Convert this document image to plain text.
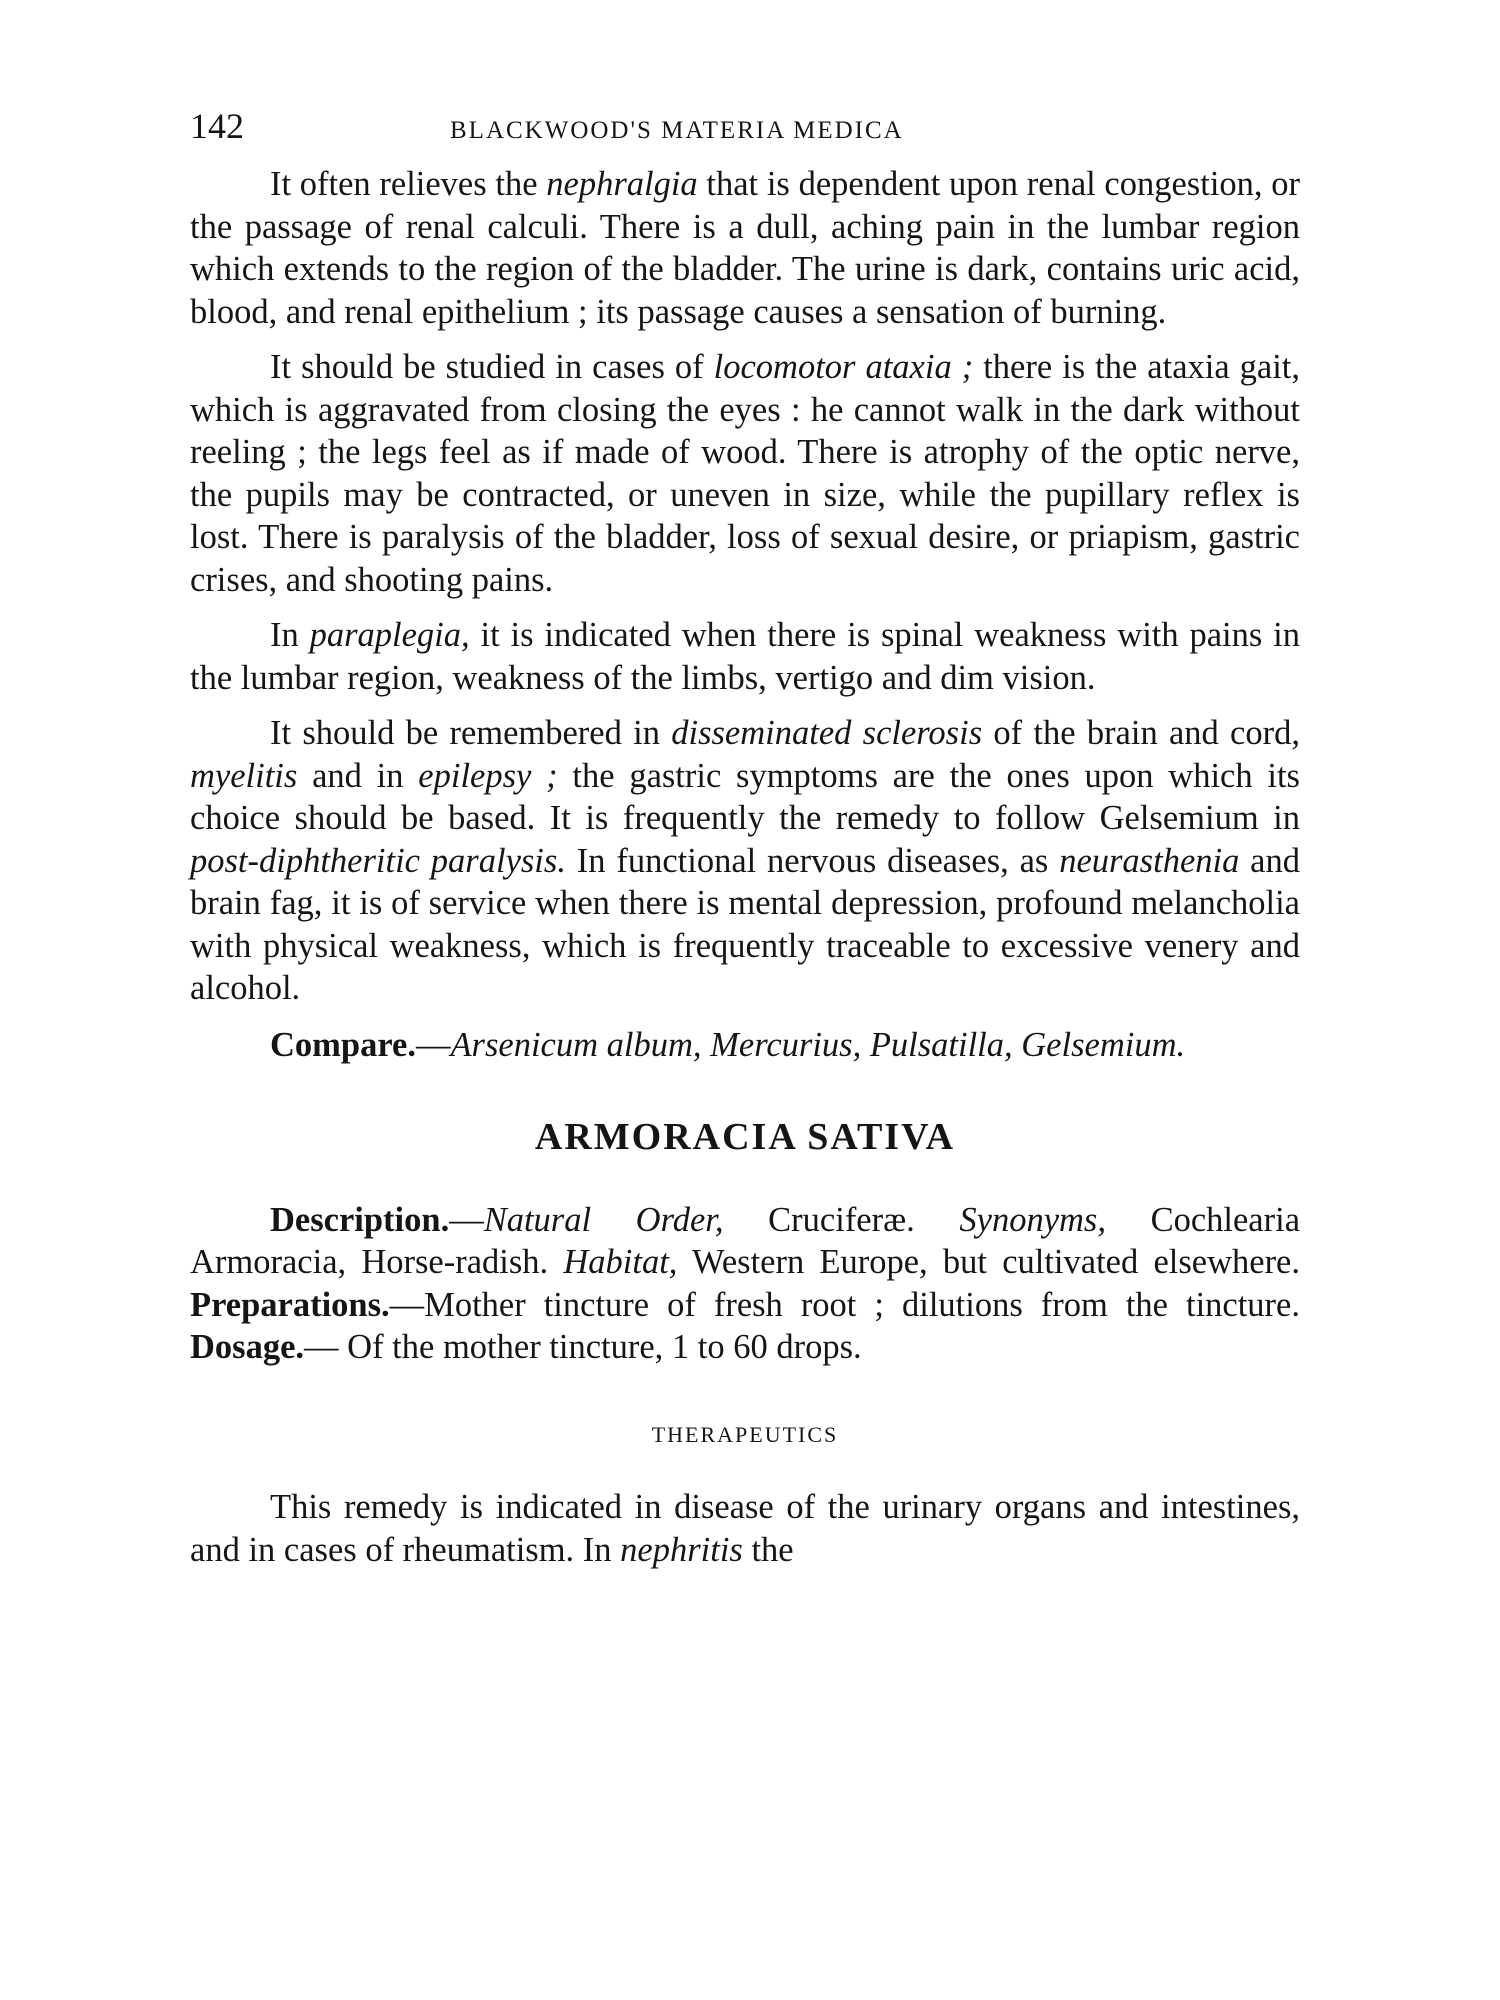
142	BLACKWOOD'S MATERIA MEDICA

It often relieves the nephralgia that is dependent upon renal congestion, or the passage of renal calculi. There is a dull, aching pain in the lumbar region which extends to the region of the bladder. The urine is dark, contains uric acid, blood, and renal epithelium ; its passage causes a sensation of burning.

It should be studied in cases of locomotor ataxia ; there is the ataxia gait, which is aggravated from closing the eyes : he cannot walk in the dark without reeling ; the legs feel as if made of wood. There is atrophy of the optic nerve, the pupils may be contracted, or uneven in size, while the pupillary reflex is lost. There is paralysis of the bladder, loss of sexual desire, or priapism, gastric crises, and shooting pains.

In paraplegia, it is indicated when there is spinal weakness with pains in the lumbar region, weakness of the limbs, vertigo and dim vision.

It should be remembered in disseminated sclerosis of the brain and cord, myelitis and in epilepsy ; the gastric symptoms are the ones upon which its choice should be based. It is frequently the remedy to follow Gelsemium in post-diphtheritic paralysis. In functional nervous diseases, as neurasthenia and brain fag, it is of service when there is mental depression, profound melancholia with physical weakness, which is frequently traceable to excessive venery and alcohol.

Compare.—Arsenicum album, Mercurius, Pulsatilla, Gelsemium.

ARMORACIA SATIVA

Description.—Natural Order, Cruciferæ. Synonyms, Cochlearia Armoracia, Horse-radish. Habitat, Western Europe, but cultivated elsewhere. Preparations.—Mother tincture of fresh root ; dilutions from the tincture. Dosage.— Of the mother tincture, 1 to 60 drops.

THERAPEUTICS

This remedy is indicated in disease of the urinary organs and intestines, and in cases of rheumatism. In nephritis the
